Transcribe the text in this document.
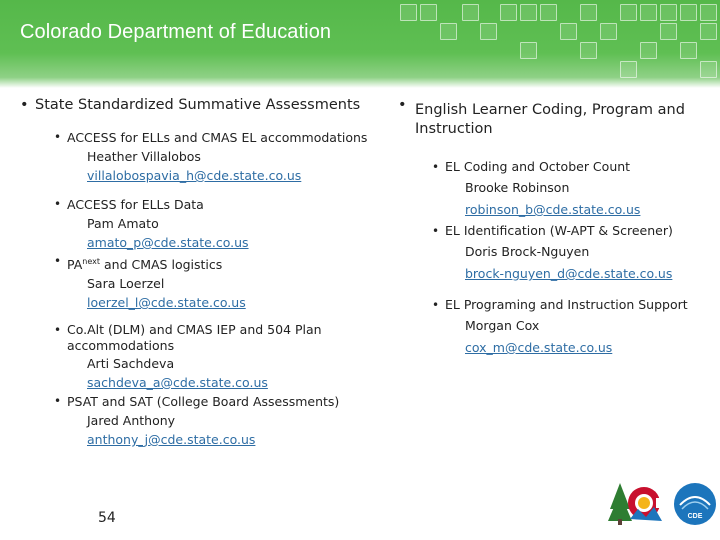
Colorado Department of Education
• State Standardized Summative Assessments
• ACCESS for ELLs and CMAS EL accommodations
Heather Villalobos
villalobospavia_h@cde.state.co.us
• ACCESS for ELLs Data
Pam Amato
amato_p@cde.state.co.us
• $PA^{next}$ and CMAS logistics
Sara Loerzel
loerzel_l@cde.state.co.us
• Co.Alt (DLM) and CMAS IEP and 504 Plan accommodations
Arti Sachdeva
sachdeva_a@cde.state.co.us
• PSAT and SAT (College Board Assessments)
Jared Anthony
anthony_j@cde.state.co.us
• English Learner Coding, Program and Instruction
• EL Coding and October Count
Brooke Robinson
robinson_b@cde.state.co.us
• EL Identification (W-APT & Screener)
Doris Brock-Nguyen
brock-nguyen_d@cde.state.co.us
• EL Programing and Instruction Support
Morgan Cox
cox_m@cde.state.co.us
54	CDE
